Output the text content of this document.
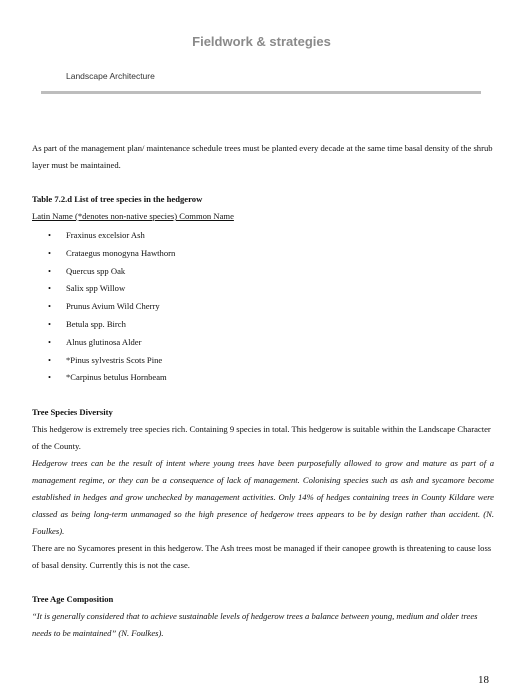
Fieldwork & strategies
Landscape Architecture

As part of the management plan/ maintenance schedule trees must be planted every decade at the same time basal density of the shrub layer must be maintained.

Table 7.2.d List of tree species in the hedgerow

Latin Name (*denotes non-native species) Common Name

• Fraxinus excelsior Ash
• Crataegus monogyna Hawthorn
• Quercus spp Oak
• Salix spp Willow
• Prunus Avium Wild Cherry
• Betula spp. Birch
• Alnus glutinosa Alder
• *Pinus sylvestris Scots Pine
• *Carpinus betulus Hornbeam

Tree Species Diversity

This hedgerow is extremely tree species rich. Containing 9 species in total. This hedgerow is suitable within the Landscape Character of the County.

Hedgerow trees can be the result of intent where young trees have been purposefully allowed to grow and mature as part of a management regime, or they can be a consequence of lack of management. Colonising species such as ash and sycamore become established in hedges and grow unchecked by management activities. Only 14% of hedges containing trees in County Kildare were classed as being long-term unmanaged so the high presence of hedgerow trees appears to be by design rather than accident. (N. Foulkes).

There are no Sycamores present in this hedgerow. The Ash trees most be managed if their canopee growth is threatening to cause loss of basal density. Currently this is not the case.

Tree Age Composition

“It is generally considered that to achieve sustainable levels of hedgerow trees a balance between young, medium and older trees needs to be maintained” (N. Foulkes).

18
